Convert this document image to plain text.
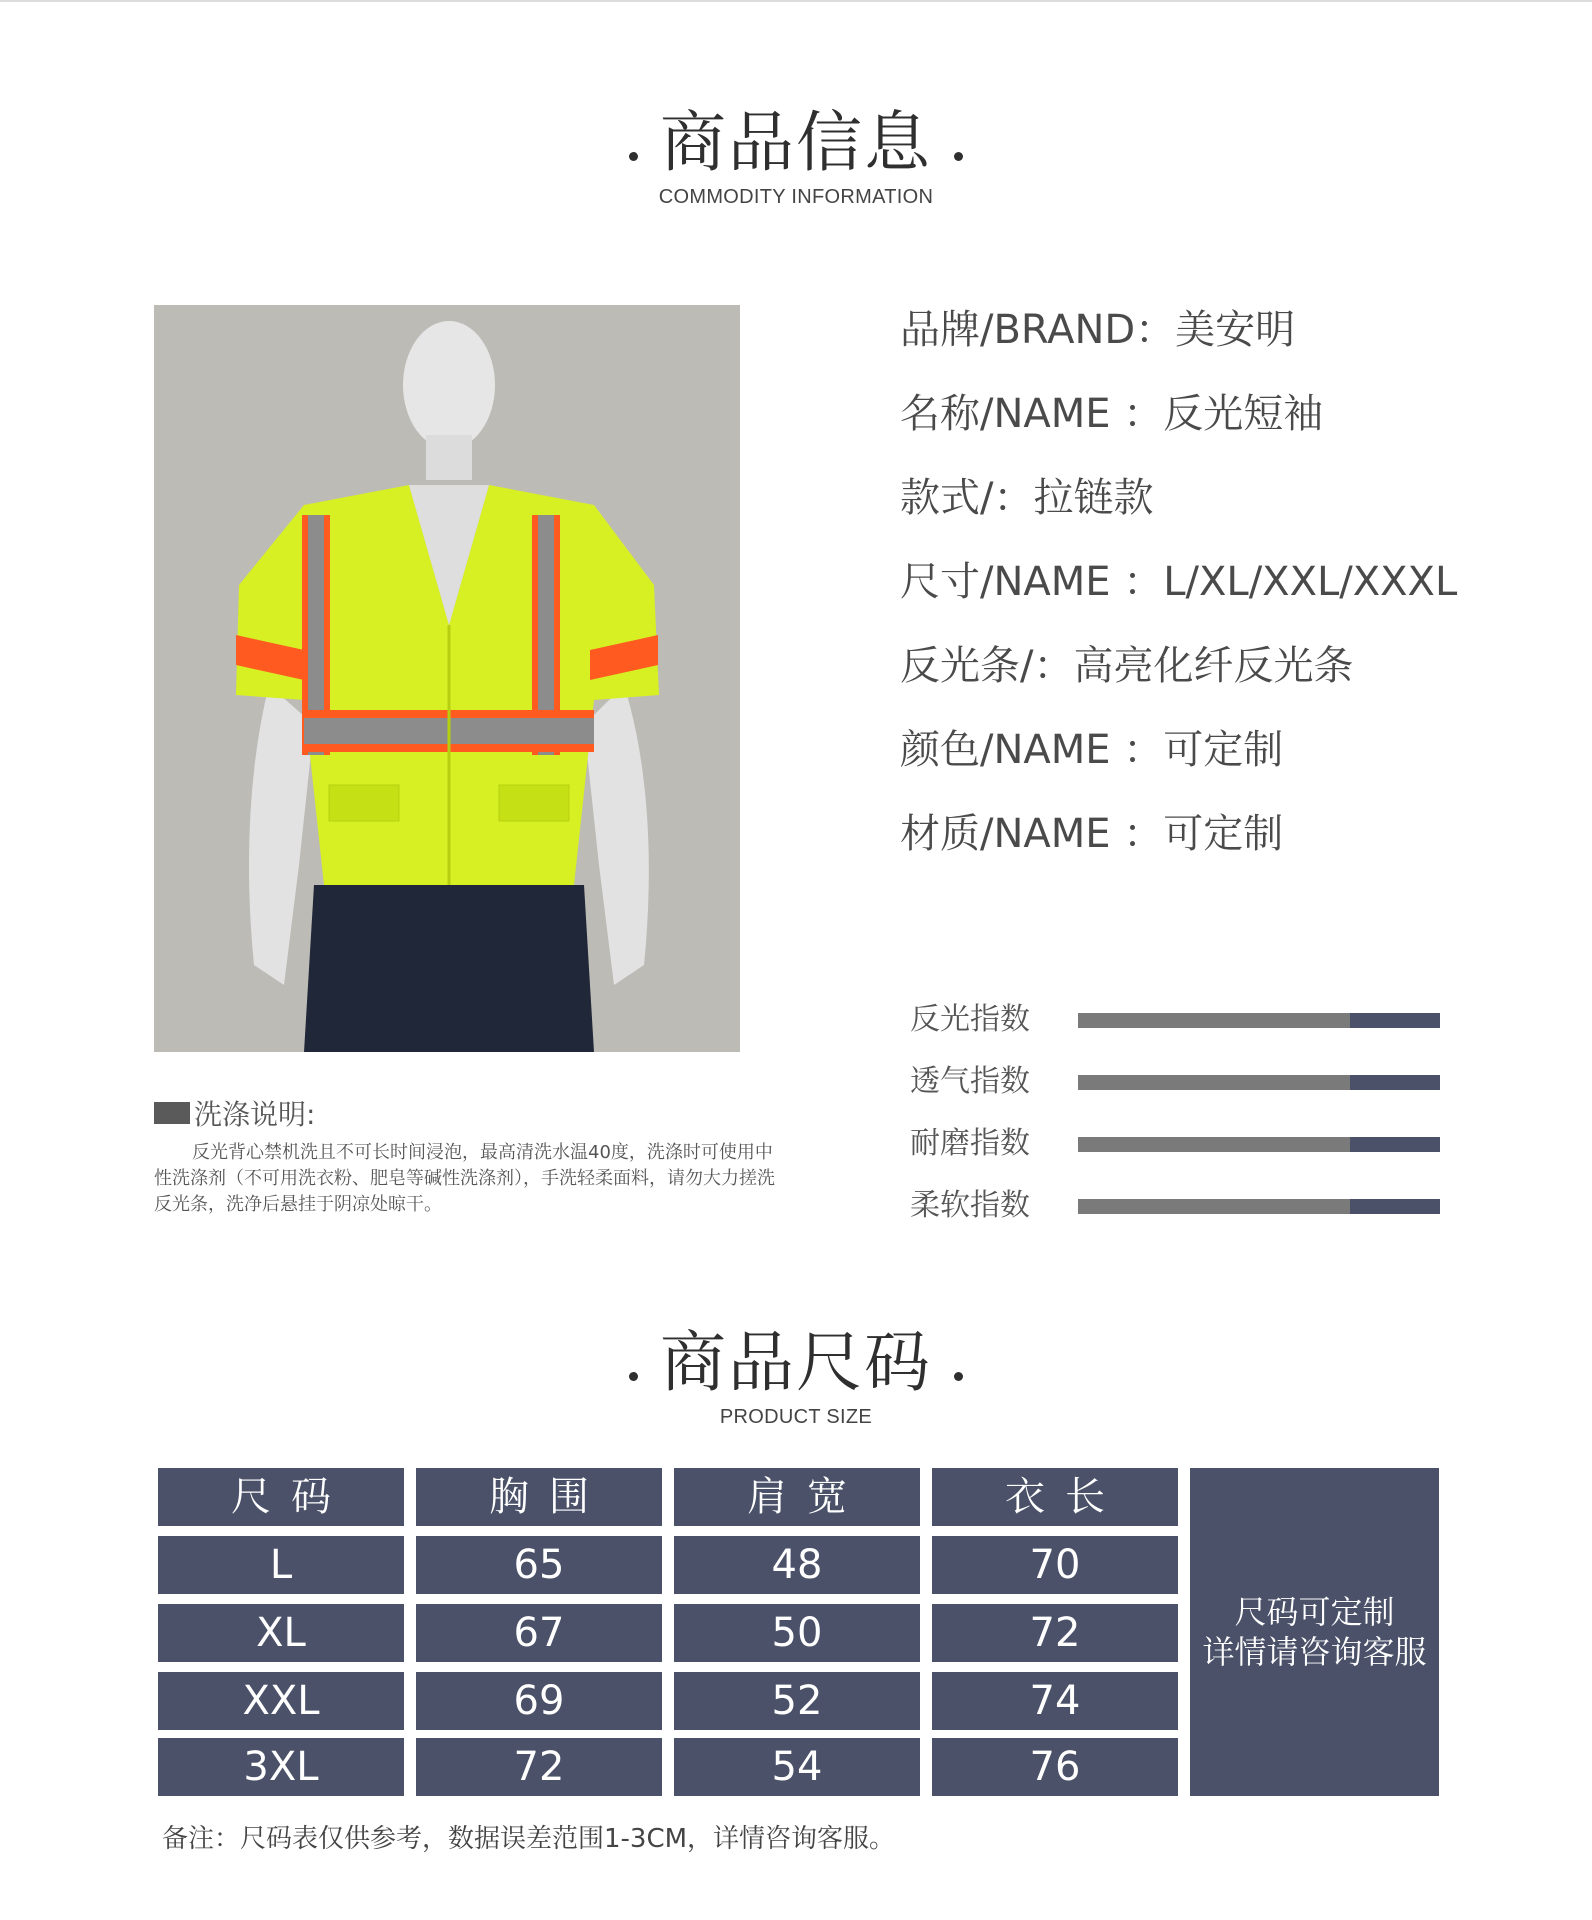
商品信息
COMMODITY INFORMATION
品牌/BRAND：美安明
名称/NAME ：反光短袖
款式/：拉链款
尺寸/NAME ：L/XL/XXL/XXXL
反光条/：高亮化纤反光条
颜色/NAME ：可定制
材质/NAME ：可定制
洗涤说明:
反光背心禁机洗且不可长时间浸泡，最高清洗水温40度，洗涤时可使用中性洗涤剂（不可用洗衣粉、肥皂等碱性洗涤剂），手洗轻柔面料，请勿大力搓洗反光条，洗净后悬挂于阴凉处晾干。
反光指数
透气指数
耐磨指数
柔软指数
商品尺码
PRODUCT SIZE
尺码	胸围	肩宽	衣长
L	65	48	70
XL	67	50	72
XXL	69	52	74
3XL	72	54	76
尺码可定制
详情请咨询客服
备注：尺码表仅供参考，数据误差范围1-3CM，详情咨询客服。
